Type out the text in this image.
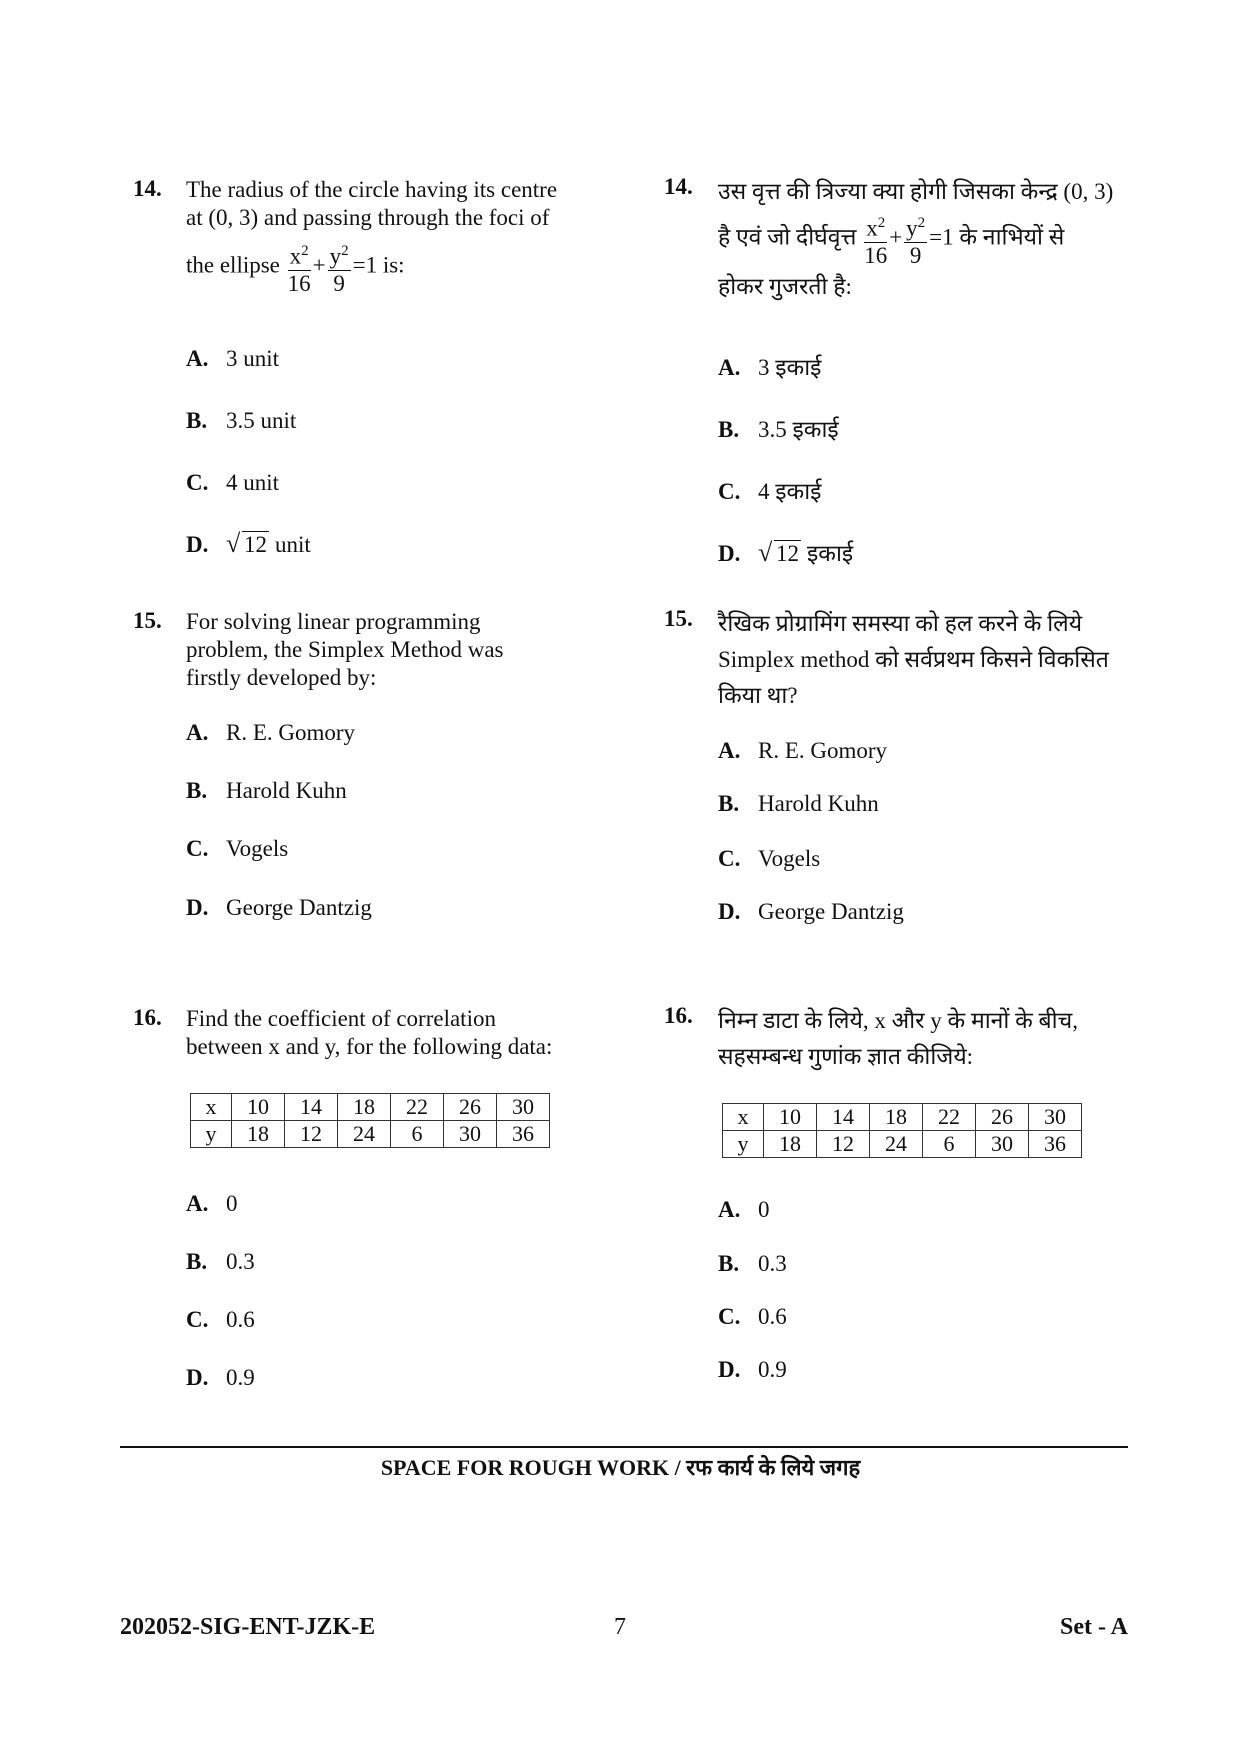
14. The radius of the circle having its centre
at (0, 3) and passing through the foci of
the ellipse $\frac{x^2}{16} + \frac{y^2}{9} =1$ is:
A. 3 unit
B. 3.5 unit
C. 4 unit
D. √ 12 unit
15. For solving linear programming
problem, the Simplex Method was
firstly developed by:
A. R. E. Gomory
B. Harold Kuhn
C. Vogels
D. George Dantzig
16. Find the coefficient of correlation
between x and y, for the following data:
x	10	14	18	22	26	30
y	18	12	24	6	30	36
A. 0
B. 0.3
C. 0.6
D. 0.9
14. उस वृत्त की त्रिज्या क्या होगी जिसका केन्द्र (0, 3)
है एवं जो दीर्घवृत्त $\frac{x^2}{16} + \frac{y^2}{9} =1$ के नाभियों से
होकर गुजरती है:
A. 3 इकाई
B. 3.5 इकाई
C. 4 इकाई
D. √ 12 इकाई
15. रैखिक प्रोग्रामिंग समस्या को हल करने के लिये
Simplex method को सर्वप्रथम किसने विकसित
किया था?
A. R. E. Gomory
B. Harold Kuhn
C. Vogels
D. George Dantzig
16. निम्न डाटा के लिये, x और y के मानों के बीच,
सहसम्बन्ध गुणांक ज्ञात कीजिये:
x	10	14	18	22	26	30
y	18	12	24	6	30	36
A. 0
B. 0.3
C. 0.6
D. 0.9
SPACE FOR ROUGH WORK / रफ कार्य के लिये जगह
202052-SIG-ENT-JZK-E	7	Set - A
